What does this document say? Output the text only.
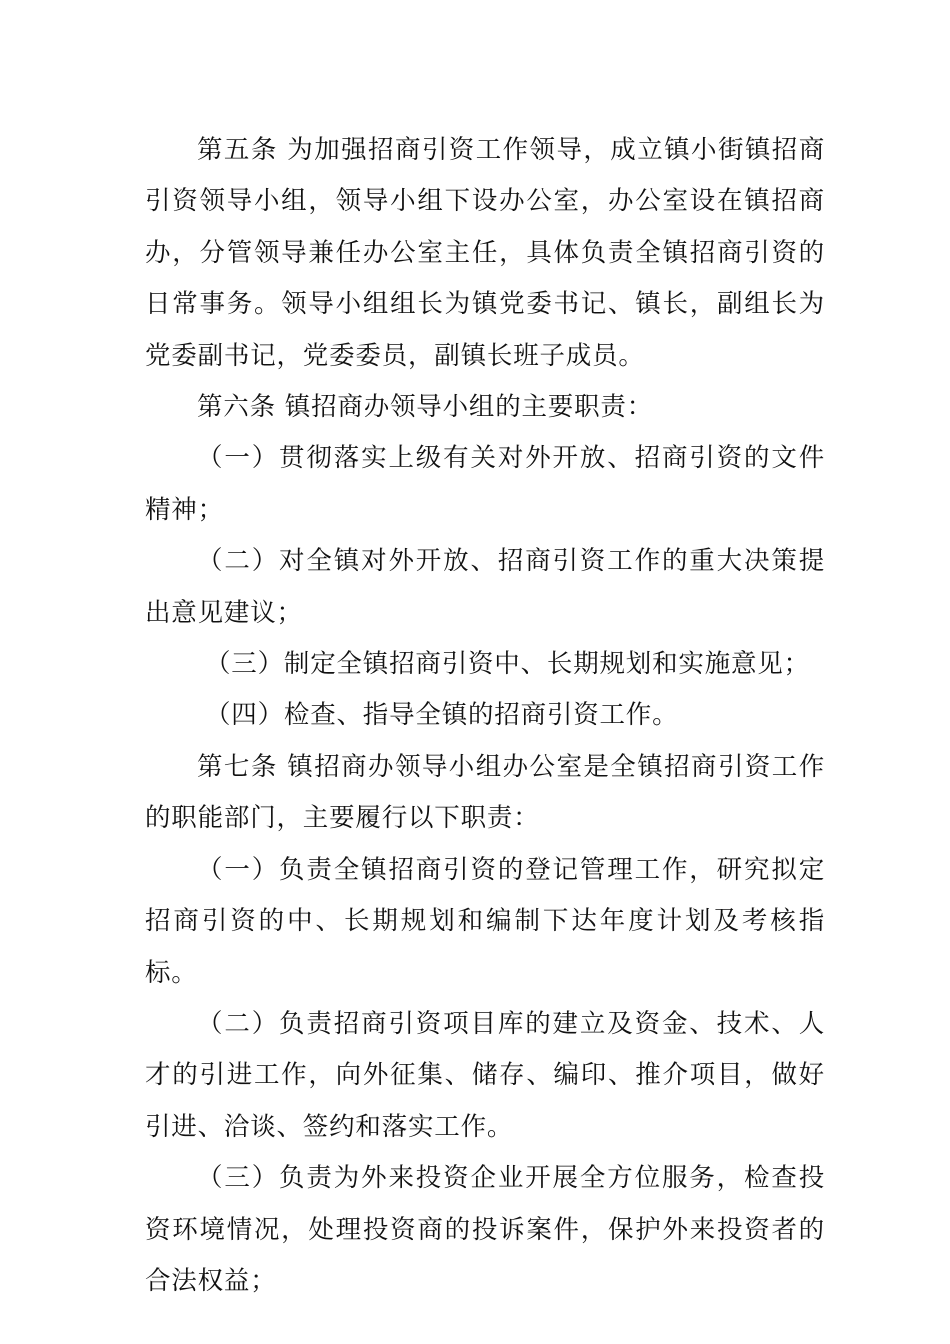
第五条 为加强招商引资工作领导，成立镇小街镇招商引资领导小组，领导小组下设办公室，办公室设在镇招商办，分管领导兼任办公室主任，具体负责全镇招商引资的日常事务。领导小组组长为镇党委书记、镇长，副组长为党委副书记，党委委员，副镇长班子成员。

第六条 镇招商办领导小组的主要职责：

（一）贯彻落实上级有关对外开放、招商引资的文件精神；

（二）对全镇对外开放、招商引资工作的重大决策提出意见建议；

（三）制定全镇招商引资中、长期规划和实施意见；

（四）检查、指导全镇的招商引资工作。

第七条 镇招商办领导小组办公室是全镇招商引资工作的职能部门，主要履行以下职责：

（一）负责全镇招商引资的登记管理工作，研究拟定招商引资的中、长期规划和编制下达年度计划及考核指标。

（二）负责招商引资项目库的建立及资金、技术、人才的引进工作，向外征集、储存、编印、推介项目，做好引进、洽谈、签约和落实工作。

（三）负责为外来投资企业开展全方位服务，检查投资环境情况，处理投资商的投诉案件，保护外来投资者的合法权益；
